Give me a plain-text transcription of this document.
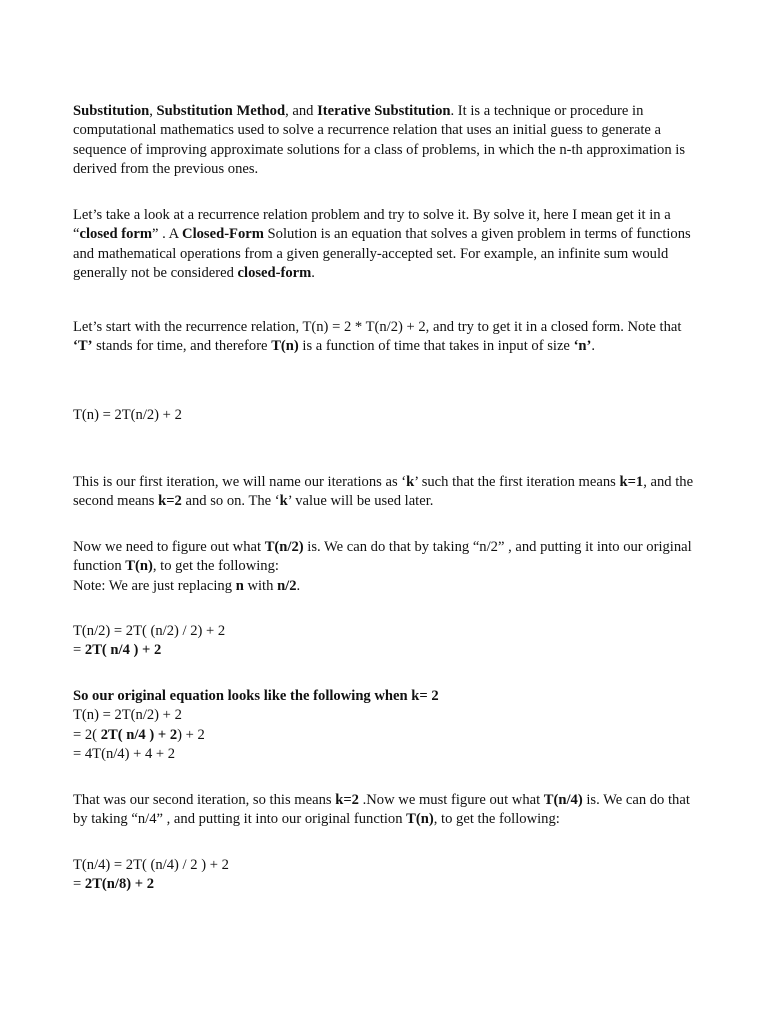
Substitution, Substitution Method, and Iterative Substitution. It is a technique or procedure in computational mathematics used to solve a recurrence relation that uses an initial guess to generate a sequence of improving approximate solutions for a class of problems, in which the n-th approximation is derived from the previous ones.

Let’s take a look at a recurrence relation problem and try to solve it. By solve it, here I mean get it in a “closed form” . A Closed-Form Solution is an equation that solves a given problem in terms of functions and mathematical operations from a given generally-accepted set. For example, an infinite sum would generally not be considered closed-form.

Let’s start with the recurrence relation, T(n) = 2 * T(n/2) + 2, and try to get it in a closed form. Note that ‘T’ stands for time, and therefore T(n) is a function of time that takes in input of size ‘n’.

T(n) = 2T(n/2) + 2

This is our first iteration, we will name our iterations as ‘k’ such that the first iteration means k=1, and the second means k=2 and so on. The ‘k’ value will be used later.

Now we need to figure out what T(n/2) is. We can do that by taking “n/2” , and putting it into our original function T(n), to get the following:
Note: We are just replacing n with n/2.

T(n/2) = 2T( (n/2) / 2) + 2
= 2T( n/4 ) + 2

So our original equation looks like the following when k= 2
T(n) = 2T(n/2) + 2
= 2( 2T( n/4 ) + 2) + 2
= 4T(n/4) + 4 + 2

That was our second iteration, so this means k=2 .Now we must figure out what T(n/4) is. We can do that by taking “n/4” , and putting it into our original function T(n), to get the following:

T(n/4) = 2T( (n/4) / 2 ) + 2
= 2T(n/8) + 2
